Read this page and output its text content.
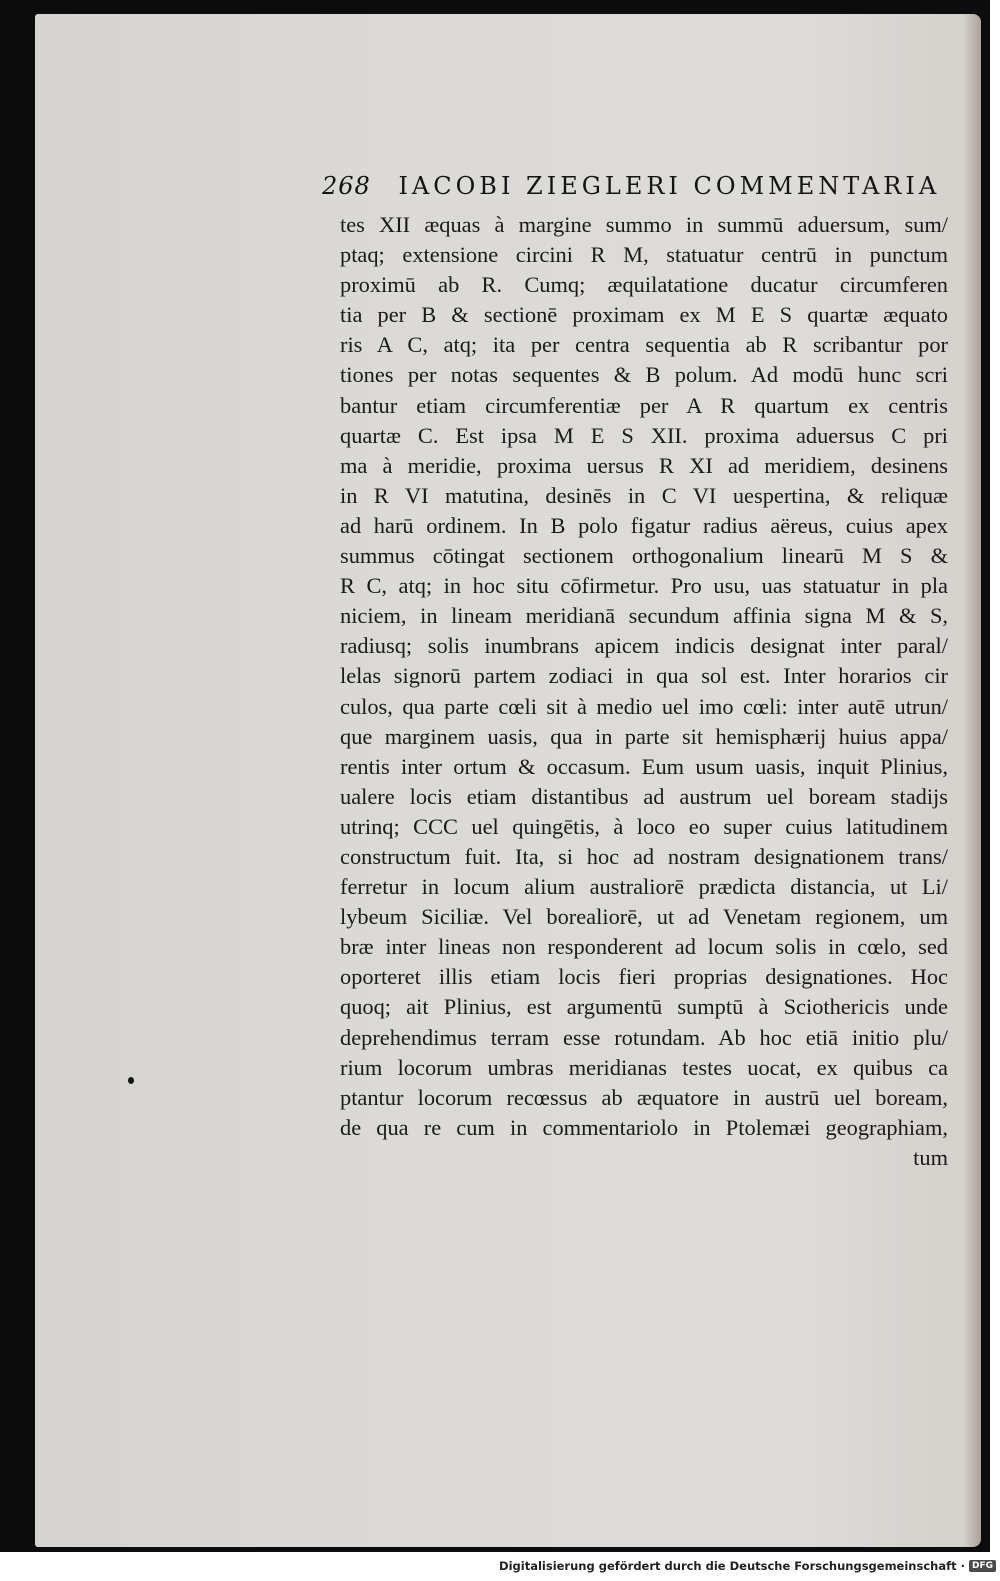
268 IACOBI ZIEGLERI COMMENTARIA
tes XII æquas à margine summo in summū aduersum, sum/
ptaq; extensione circini R M, statuatur centrū in punctum
proximū ab R. Cumq; æquilatatione ducatur circumferen
tia per B & sectionē proximam ex M E S quartæ æquato
ris A C, atq; ita per centra sequentia ab R scribantur por
tiones per notas sequentes & B polum. Ad modū hunc scri
bantur etiam circumferentiæ per A R quartum ex centris
quartæ C. Est ipsa M E S XII. proxima aduersus C pri
ma à meridie, proxima uersus R XI ad meridiem, desinens
in R VI matutina, desinēs in C VI uespertina, & reliquæ
ad harū ordinem. In B polo figatur radius aëreus, cuius apex
summus cōtingat sectionem orthogonalium linearū M S &
R C, atq; in hoc situ cōfirmetur. Pro usu, uas statuatur in pla
niciem, in lineam meridianā secundum affinia signa M & S,
radiusq; solis inumbrans apicem indicis designat inter paral/
lelas signorū partem zodiaci in qua sol est. Inter horarios cir
culos, qua parte cœli sit à medio uel imo cœli: inter autē utrun/
que marginem uasis, qua in parte sit hemisphærij huius appa/
rentis inter ortum & occasum. Eum usum uasis, inquit Plinius,
ualere locis etiam distantibus ad austrum uel boream stadijs
utrinq; CCC uel quingētis, à loco eo super cuius latitudinem
constructum fuit. Ita, si hoc ad nostram designationem trans/
ferretur in locum alium australiorē prædicta distancia, ut Li/
lybeum Siciliæ. Vel borealiorē, ut ad Venetam regionem, um
bræ inter lineas non responderent ad locum solis in cœlo, sed
oporteret illis etiam locis fieri proprias designationes. Hoc
quoq; ait Plinius, est argumentū sumptū à Sciothericis unde
deprehendimus terram esse rotundam. Ab hoc etiā initio plu/
rium locorum umbras meridianas testes uocat, ex quibus ca
ptantur locorum recœssus ab æquatore in austrū uel boream,
de qua re cum in commentariolo in Ptolemæi geographiam,
tum
Digitalisierung gefördert durch die Deutsche Forschungsgemeinschaft · DFG
